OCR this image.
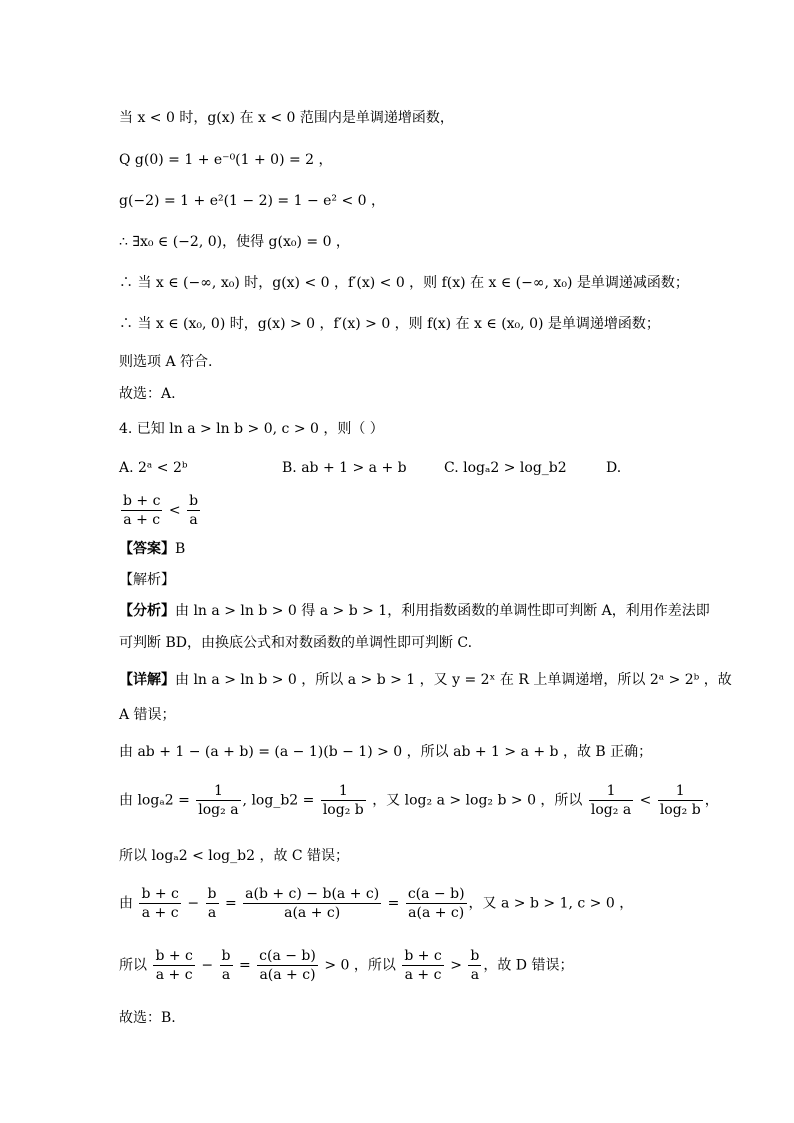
当 x < 0 时，g(x) 在 x < 0 范围内是单调递增函数，
Q g(0) = 1 + e⁻⁰(1 + 0) = 2 ，
g(−2) = 1 + e²(1 − 2) = 1 − e² < 0 ，
∴ ∃x₀ ∈ (−2, 0)，使得 g(x₀) = 0 ，
∴ 当 x ∈ (−∞, x₀) 时，g(x) < 0 ，f′(x) < 0 ，则 f(x) 在 x ∈ (−∞, x₀) 是单调递减函数；
∴ 当 x ∈ (x₀, 0) 时，g(x) > 0 ，f′(x) > 0 ，则 f(x) 在 x ∈ (x₀, 0) 是单调递增函数；
则选项 A 符合.
故选：A.
4. 已知 ln a > ln b > 0, c > 0 ，则（ ）
A. 2ᵃ < 2ᵇ	B. ab + 1 > a + b	C. logₐ2 > log_b2	D.
$\frac{b + c}{a + c} < \frac{b}{a}$
【答案】B
【解析】
【分析】由 ln a > ln b > 0 得 a > b > 1，利用指数函数的单调性即可判断 A，利用作差法即
可判断 BD，由换底公式和对数函数的单调性即可判断 C.
【详解】由 ln a > ln b > 0 ，所以 a > b > 1 ，又 y = 2ˣ 在 R 上单调递增，所以 2ᵃ > 2ᵇ ，故
A 错误；
由 ab + 1 − (a + b) = (a − 1)(b − 1) > 0 ，所以 ab + 1 > a + b ，故 B 正确；
由 $\log_a2 = \frac{1}{\text{log₂ a}}$ , log_b2 = $\frac{1}{\text{log₂ b}}$ ，又 log₂ a > log₂ b > 0 ，所以 $\frac{1}{\text{log₂ a}} < \frac{1}{\text{log₂ b}}$ ，
所以 logₐ2 < log_b2 ，故 C 错误；
由 $\frac{b + c}{a + c} - \frac{b}{a} = \frac{a(b + c) - b(a + c)}{a(a + c)} = \frac{c(a - b)}{a(a + c)}$ ，又 a > b > 1, c > 0 ，
所以 $\frac{b + c}{a + c} - \frac{b}{a} = \frac{c(a - b)}{a(a + c)} > 0$ ，所以 $\frac{b + c}{a + c} > \frac{b}{a}$ ，故 D 错误；
故选：B.
